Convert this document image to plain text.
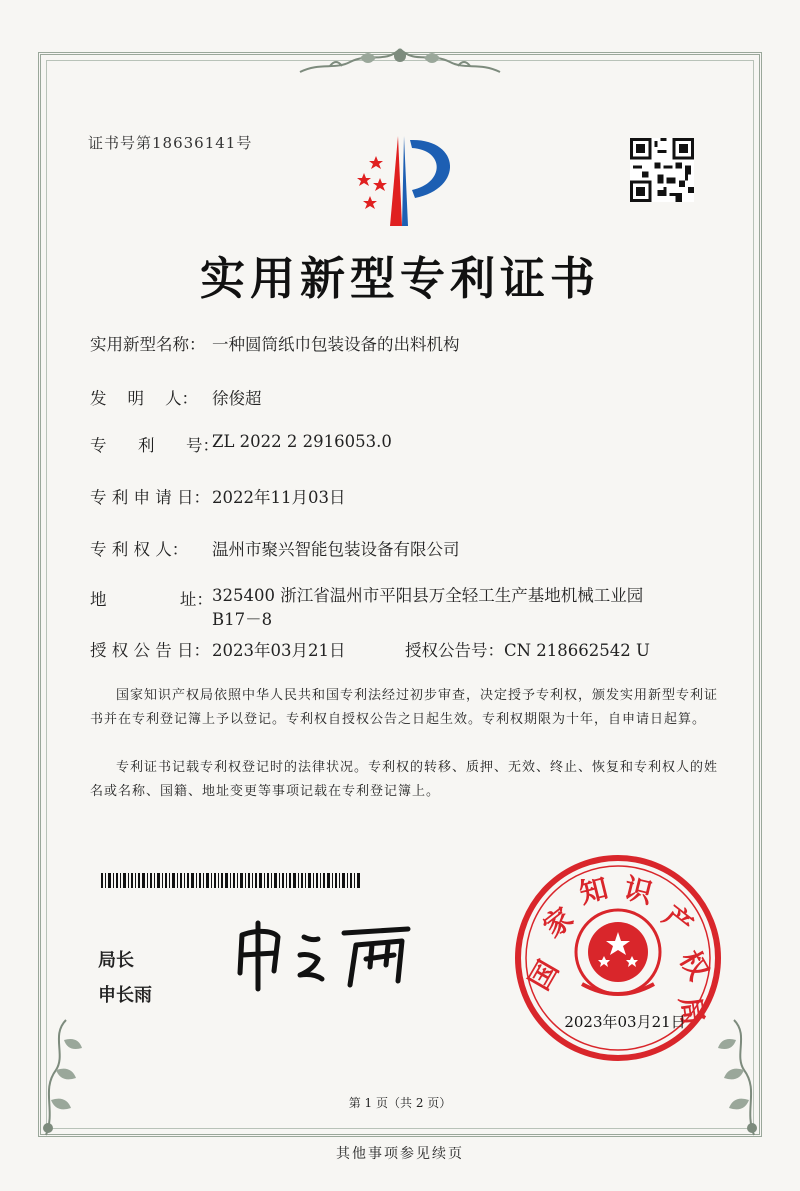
证书号第18636141号
实用新型专利证书
实用新型名称： 一种圆筒纸巾包装设备的出料机构
发    明    人： 徐俊超
专      利      号：ZL 2022 2 2916053.0
专 利 申 请 日： 2022年11月03日
专 利 权 人： 温州市聚兴智能包装设备有限公司
地              址：325400 浙江省温州市平阳县万全轻工生产基地机械工业园B17－8
授 权 公 告 日： 2023年03月21日	授权公告号：CN 218662542 U
国家知识产权局依照中华人民共和国专利法经过初步审查，决定授予专利权，颁发实用新型专利证书并在专利登记簿上予以登记。专利权自授权公告之日起生效。专利权期限为十年，自申请日起算。
专利证书记载专利权登记时的法律状况。专利权的转移、质押、无效、终止、恢复和专利权人的姓名或名称、国籍、地址变更等事项记载在专利登记簿上。
局长
申长雨	国
家
知 识
产
权
局
2023年03月21日
第 1 页（共 2 页）
其他事项参见续页
